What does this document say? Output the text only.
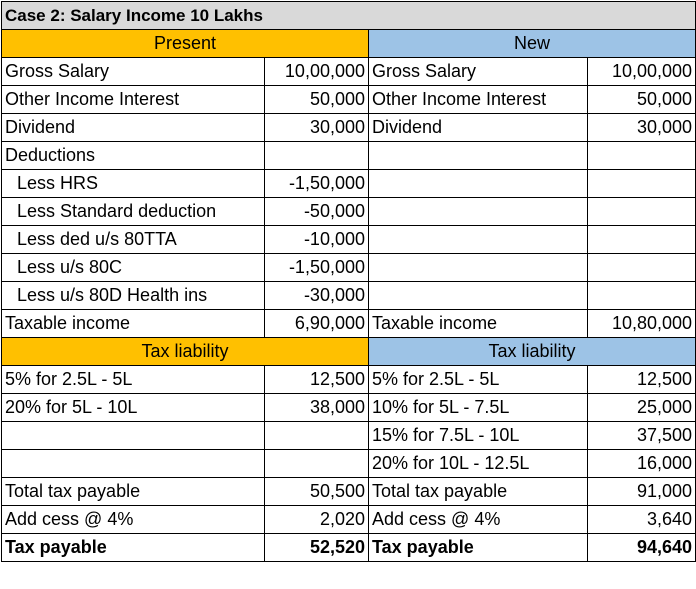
Case 2: Salary Income 10 Lakhs			
Present		New	
Gross Salary	10,00,000	Gross Salary	10,00,000
Other Income Interest	50,000	Other Income Interest	50,000
Dividend	30,000	Dividend	30,000
Deductions			
Less HRS	-1,50,000		
Less Standard deduction	-50,000		
Less ded u/s 80TTA	-10,000		
Less u/s 80C	-1,50,000		
Less u/s 80D Health ins	-30,000		
Taxable income	6,90,000	Taxable income	10,80,000
Tax liability		Tax liability	
5% for 2.5L - 5L	12,500	5% for 2.5L - 5L	12,500
20% for 5L - 10L	38,000	10% for 5L - 7.5L	25,000
		15% for 7.5L - 10L	37,500
		20% for 10L - 12.5L	16,000
Total tax payable	50,500	Total tax payable	91,000
Add cess @ 4%	2,020	Add cess @ 4%	3,640
Tax payable	52,520	Tax payable	94,640
